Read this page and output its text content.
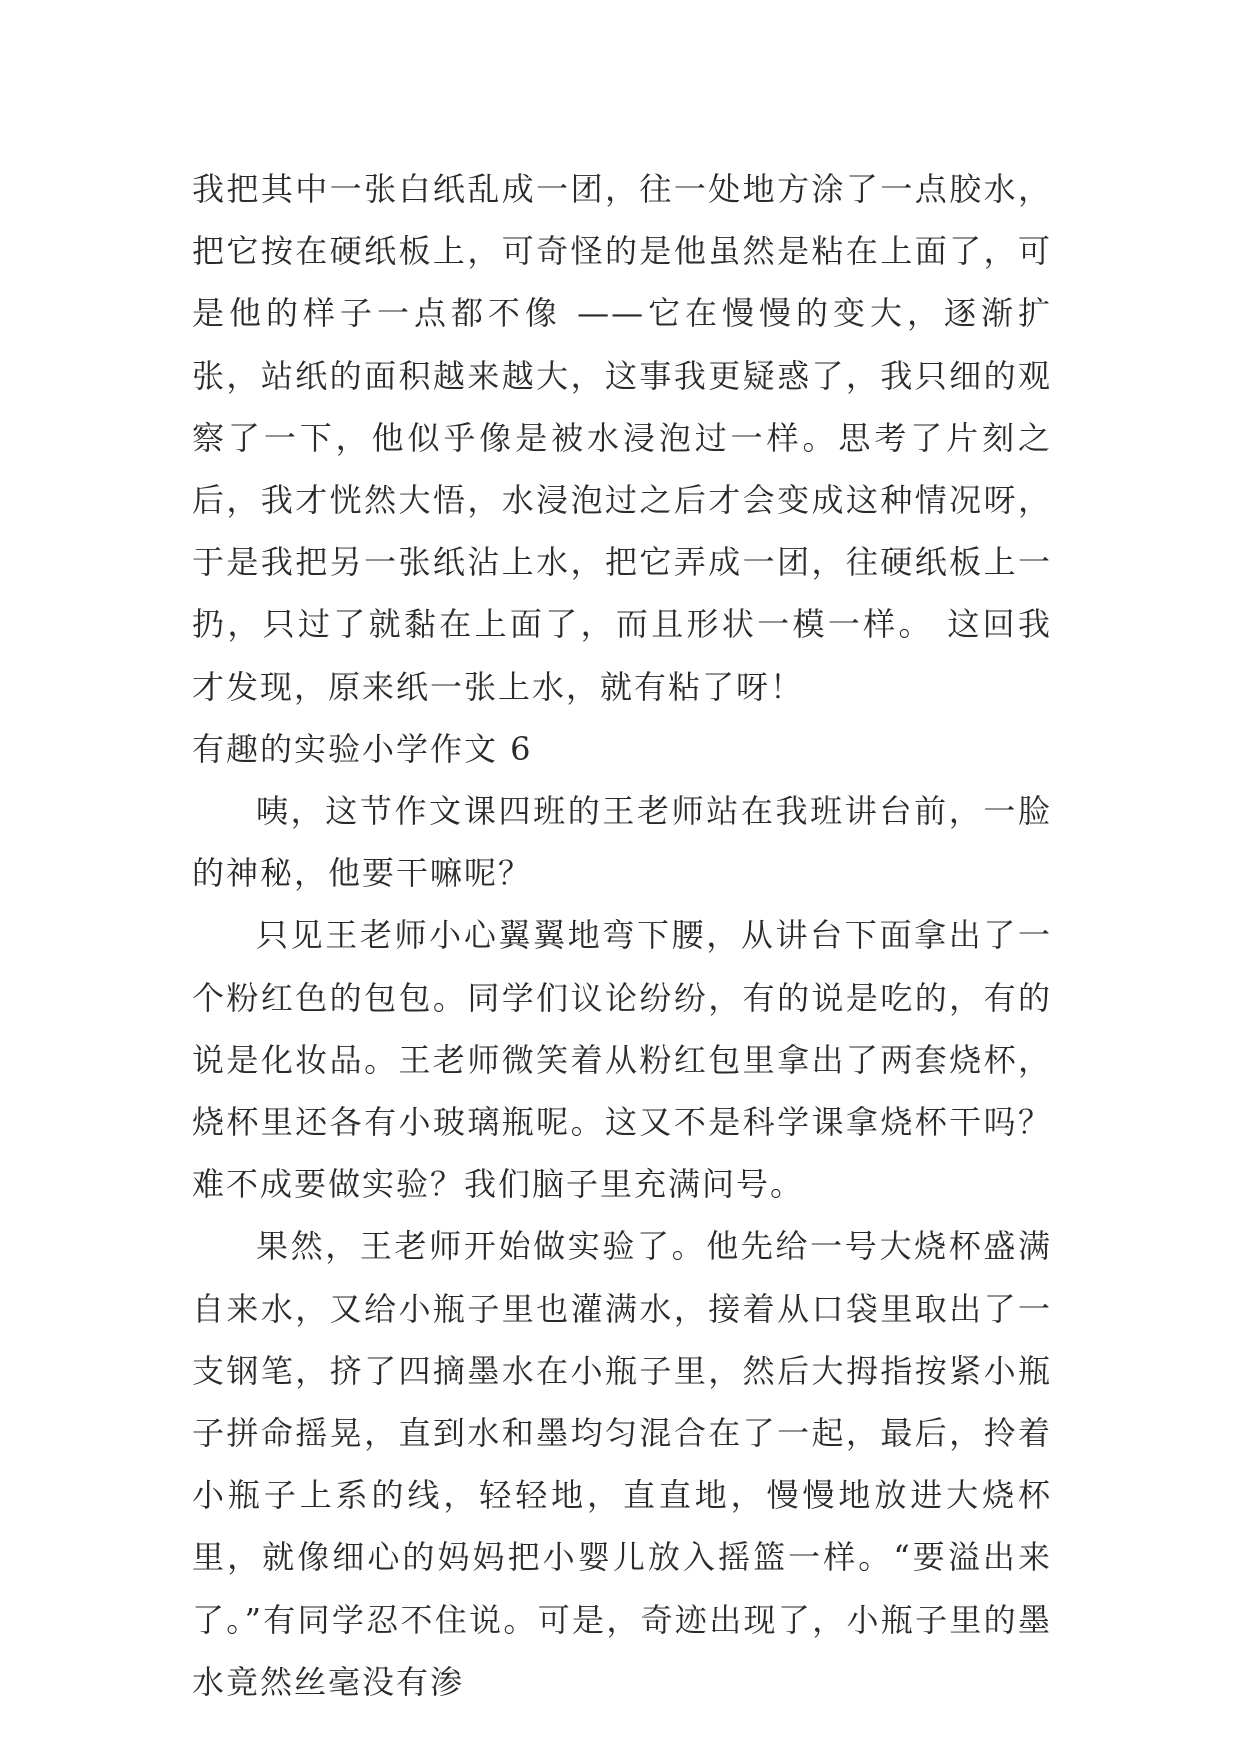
我把其中一张白纸乱成一团，往一处地方涂了一点胶水，把它按在硬纸板上，可奇怪的是他虽然是粘在上面了，可是他的样子一点都不像 ——它在慢慢的变大，逐渐扩张，站纸的面积越来越大，这事我更疑惑了，我只细的观察了一下，他似乎像是被水浸泡过一样。思考了片刻之后，我才恍然大悟，水浸泡过之后才会变成这种情况呀，于是我把另一张纸沾上水，把它弄成一团，往硬纸板上一扔，只过了就黏在上面了，而且形状一模一样。 这回我才发现，原来纸一张上水，就有粘了呀！

有趣的实验小学作文 6

咦，这节作文课四班的王老师站在我班讲台前，一脸的神秘，他要干嘛呢？

只见王老师小心翼翼地弯下腰，从讲台下面拿出了一个粉红色的包包。同学们议论纷纷，有的说是吃的，有的说是化妆品。王老师微笑着从粉红包里拿出了两套烧杯，烧杯里还各有小玻璃瓶呢。这又不是科学课拿烧杯干吗？难不成要做实验？我们脑子里充满问号。

果然，王老师开始做实验了。他先给一号大烧杯盛满自来水，又给小瓶子里也灌满水，接着从口袋里取出了一支钢笔，挤了四摘墨水在小瓶子里，然后大拇指按紧小瓶子拼命摇晃，直到水和墨均匀混合在了一起，最后，拎着小瓶子上系的线，轻轻地，直直地，慢慢地放进大烧杯里，就像细心的妈妈把小婴儿放入摇篮一样。“要溢出来了。”有同学忍不住说。可是，奇迹出现了，小瓶子里的墨水竟然丝毫没有渗
